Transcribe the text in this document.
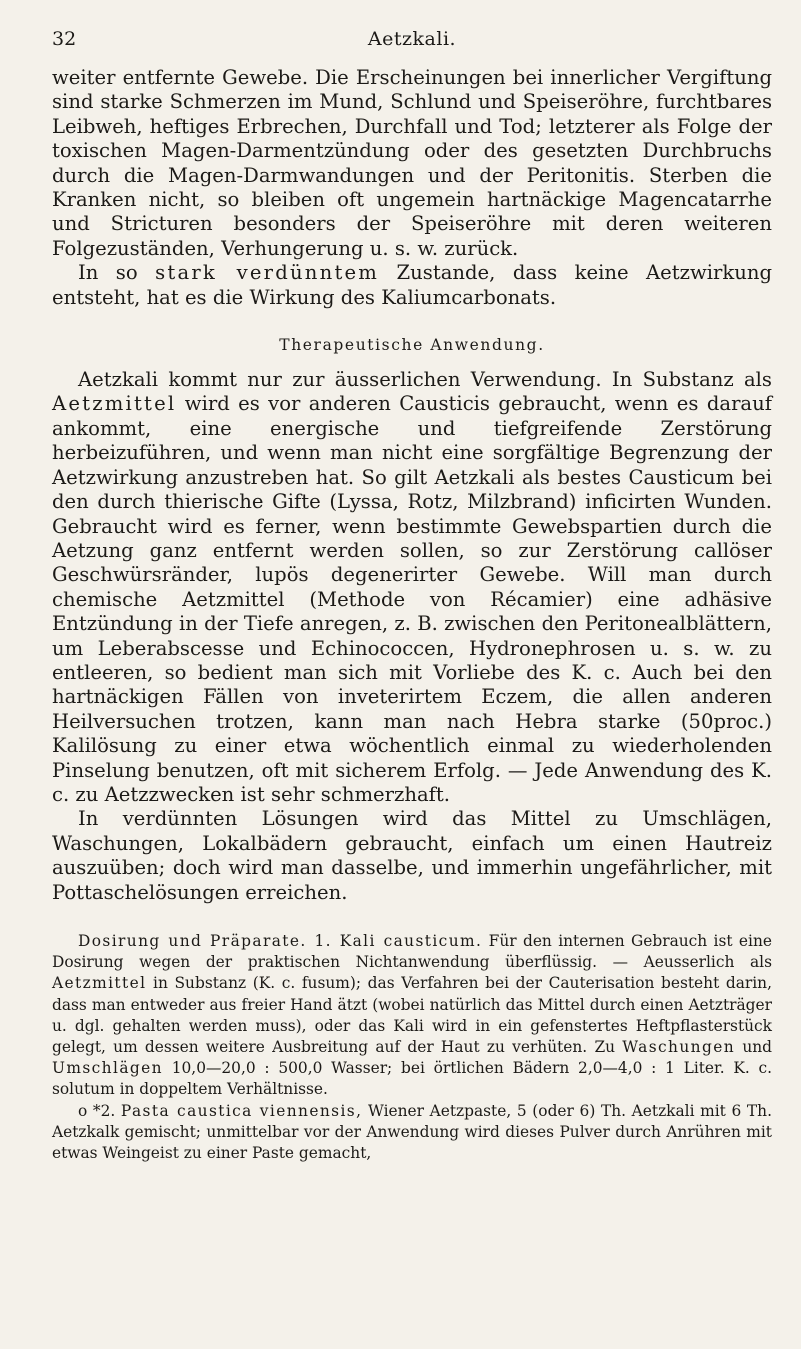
32	Aetzkali.

weiter entfernte Gewebe. Die Erscheinungen bei innerlicher Vergiftung sind starke Schmerzen im Mund, Schlund und Speiseröhre, furchtbares Leibweh, heftiges Erbrechen, Durchfall und Tod; letzterer als Folge der toxischen Magen-Darmentzündung oder des gesetzten Durchbruchs durch die Magen-Darmwandungen und der Peritonitis. Sterben die Kranken nicht, so bleiben oft ungemein hartnäckige Magencatarrhe und Stricturen besonders der Speiseröhre mit deren weiteren Folgezuständen, Verhungerung u. s. w. zurück.

In so stark verdünntem Zustande, dass keine Aetzwirkung entsteht, hat es die Wirkung des Kaliumcarbonats.

Therapeutische Anwendung.

Aetzkali kommt nur zur äusserlichen Verwendung. In Substanz als Aetzmittel wird es vor anderen Causticis gebraucht, wenn es darauf ankommt, eine energische und tiefgreifende Zerstörung herbeizuführen, und wenn man nicht eine sorgfältige Begrenzung der Aetzwirkung anzustreben hat. So gilt Aetzkali als bestes Causticum bei den durch thierische Gifte (Lyssa, Rotz, Milzbrand) inficirten Wunden. Gebraucht wird es ferner, wenn bestimmte Gewebspartien durch die Aetzung ganz entfernt werden sollen, so zur Zerstörung callöser Geschwürsränder, lupös degenerirter Gewebe. Will man durch chemische Aetzmittel (Methode von Récamier) eine adhäsive Entzündung in der Tiefe anregen, z. B. zwischen den Peritonealblättern, um Leberabscesse und Echinococcen, Hydronephrosen u. s. w. zu entleeren, so bedient man sich mit Vorliebe des K. c. Auch bei den hartnäckigen Fällen von inveterirtem Eczem, die allen anderen Heilversuchen trotzen, kann man nach Hebra starke (50proc.) Kalilösung zu einer etwa wöchentlich einmal zu wiederholenden Pinselung benutzen, oft mit sicherem Erfolg. — Jede Anwendung des K. c. zu Aetzzwecken ist sehr schmerzhaft.

In verdünnten Lösungen wird das Mittel zu Umschlägen, Waschungen, Lokalbädern gebraucht, einfach um einen Hautreiz auszuüben; doch wird man dasselbe, und immerhin ungefährlicher, mit Pottaschelösungen erreichen.

Dosirung und Präparate. 1. Kali causticum. Für den internen Gebrauch ist eine Dosirung wegen der praktischen Nichtanwendung überflüssig. — Aeusserlich als Aetzmittel in Substanz (K. c. fusum); das Verfahren bei der Cauterisation besteht darin, dass man entweder aus freier Hand ätzt (wobei natürlich das Mittel durch einen Aetzträger u. dgl. gehalten werden muss), oder das Kali wird in ein gefenstertes Heftpflasterstück gelegt, um dessen weitere Ausbreitung auf der Haut zu verhüten. Zu Waschungen und Umschlägen 10,0—20,0 : 500,0 Wasser; bei örtlichen Bädern 2,0—4,0 : 1 Liter. K. c. solutum in doppeltem Verhältnisse.

o *2. Pasta caustica viennensis, Wiener Aetzpaste, 5 (oder 6) Th. Aetzkali mit 6 Th. Aetzkalk gemischt; unmittelbar vor der Anwendung wird dieses Pulver durch Anrühren mit etwas Weingeist zu einer Paste gemacht,
